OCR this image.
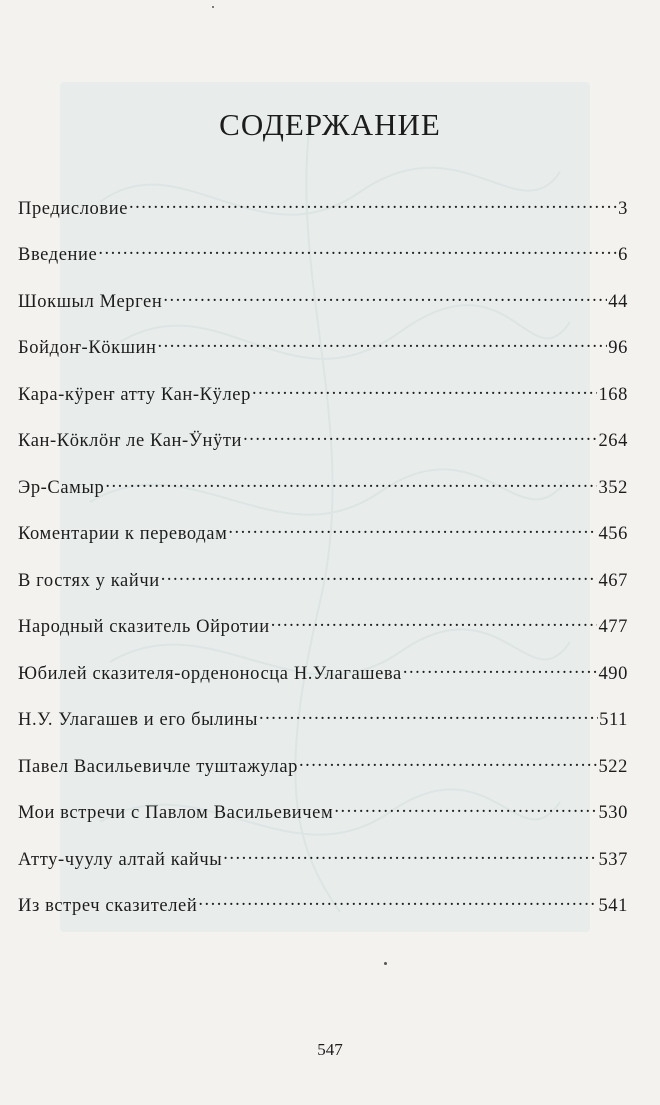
СОДЕРЖАНИЕ
Предисловие .....	3
Введение .....	6
Шокшыл Мерген .....	44
Бойдоҥ-Кӧкшин .....	96
Кара-кӱреҥ атту Кан-Кӱлер .....	168
Кан-Кӧклӧҥ ле Кан-Ӱнӱти .....	264
Эр-Самыр .....	352
Коментарии к переводам .....	456
В гостях у кайчи .....	467
Народный сказитель Ойротии .....	477
Юбилей сказителя-орденоносца Н.Улагашева .....	490
Н.У. Улагашев и его былины .....	511
Павел Васильевичле туштажулар .....	522
Мои встречи с Павлом Васильевичем .....	530
Атту-чуулу алтай кайчы .....	537
Из встреч сказителей .....	541
547
